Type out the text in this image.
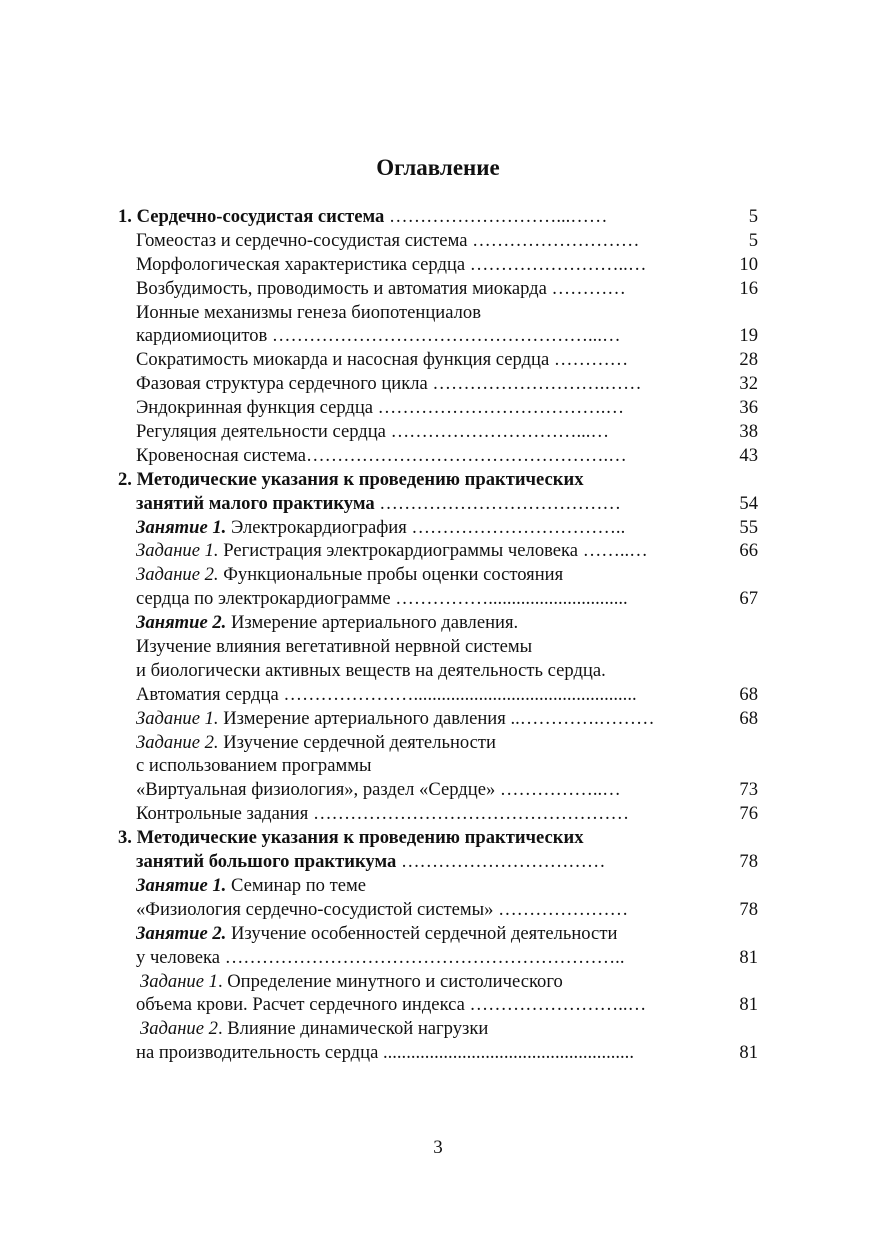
Оглавление
1. Сердечно-сосудистая система ………………………...……	5
Гомеостаз и сердечно-сосудистая система ………………………	5
Морфологическая характеристика сердца ……………………..…	10
Возбудимость, проводимость и автоматия миокарда …………	16
Ионные механизмы генеза биопотенциалов
кардиомиоцитов ……………………………………………...…	19
Сократимость миокарда и насосная функция сердца …………	28
Фазовая структура сердечного цикла ……………………….……	32
Эндокринная функция сердца ……………………………….…	36
Регуляция деятельности сердца …………………………...…	38
Кровеносная система………………………………………….…	43
2. Методические указания к проведению практических
занятий малого практикума …………………………………	54
Занятие 1. Электрокардиография ……………………………..	55
Задание 1. Регистрация электрокардиограммы человека ……..…	66
Задание 2. Функциональные пробы оценки состояния
сердца по электрокардиограмме ……………..............................	67
Занятие 2. Измерение артериального давления.
Изучение влияния вегетативной нервной системы
и биологически активных веществ на деятельность сердца.
Автоматия сердца …………………................................................	68
Задание 1. Измерение артериального давления ..………….………	68
Задание 2. Изучение сердечной деятельности
с использованием программы
«Виртуальная физиология», раздел «Сердце» ……………..…	73
Контрольные задания ……………………………………………	76
3. Методические указания к проведению практических
занятий большого практикума ……………………………	78
Занятие 1. Семинар по теме
«Физиология сердечно-сосудистой системы» …………………	78
Занятие 2. Изучение особенностей сердечной деятельности
у человека ………………………………………………………..	81
Задание 1. Определение минутного и систолического
объема крови. Расчет сердечного индекса ……………………..…	81
Задание 2. Влияние динамической нагрузки
на производительность сердца ......................................................	81
3
